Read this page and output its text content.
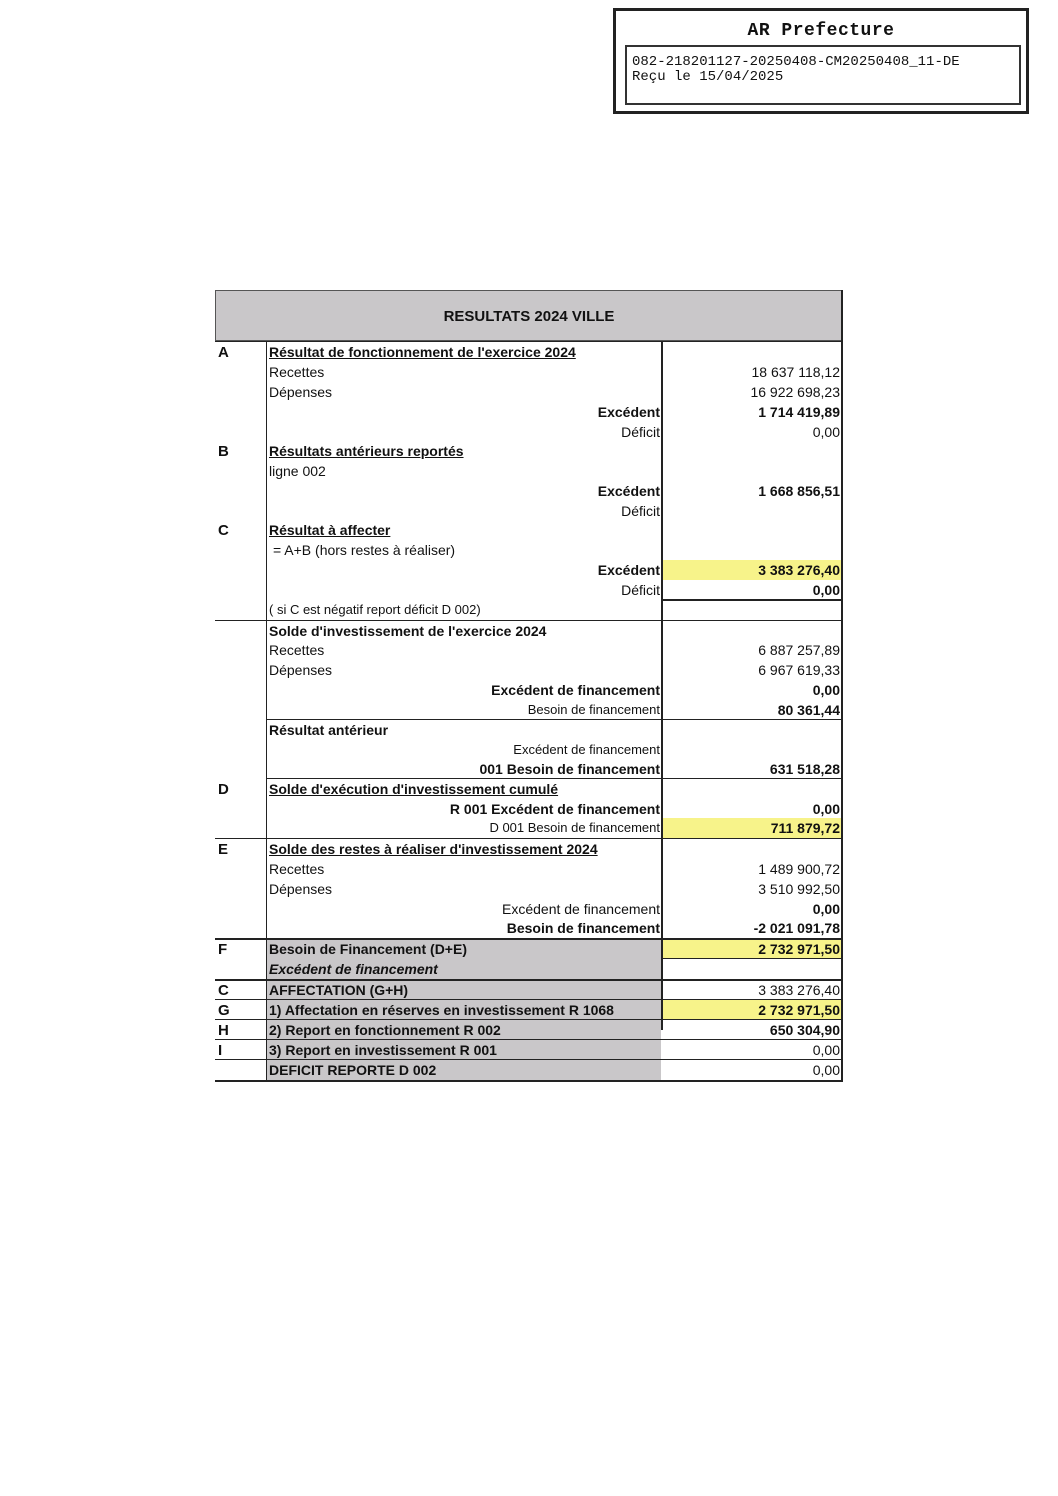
AR Prefecture
082-218201127-20250408-CM20250408_11-DE
Reçu le 15/04/2025
RESULTATS 2024 VILLE
A	Résultat de fonctionnement de l'exercice 2024
Recettes	18 637 118,12
Dépenses	16 922 698,23
Excédent	1 714 419,89
Déficit	0,00
B	Résultats antérieurs reportés
ligne 002
Excédent	1 668 856,51
Déficit
C	Résultat à affecter
= A+B (hors restes à réaliser)
Excédent	3 383 276,40
Déficit	0,00
( si C est négatif report déficit D 002)
Solde d'investissement de l'exercice 2024
Recettes	6 887 257,89
Dépenses	6 967 619,33
Excédent de financement	0,00
Besoin de financement	80 361,44
Résultat antérieur
Excédent de financement
001 Besoin de financement	631 518,28
D	Solde d'exécution d'investissement cumulé
R 001 Excédent de financement	0,00
D 001 Besoin de financement	711 879,72
E	Solde des restes à réaliser d'investissement 2024
Recettes	1 489 900,72
Dépenses	3 510 992,50
Excédent de financement	0,00
Besoin de financement	-2 021 091,78
F	Besoin de Financement (D+E)	2 732 971,50
Excédent de financement
C	AFFECTATION (G+H)	3 383 276,40
G	1) Affectation en réserves en investissement R 1068	2 732 971,50
H	2) Report en fonctionnement R 002	650 304,90
I	3) Report en investissement R 001	0,00
DEFICIT REPORTE D 002	0,00
